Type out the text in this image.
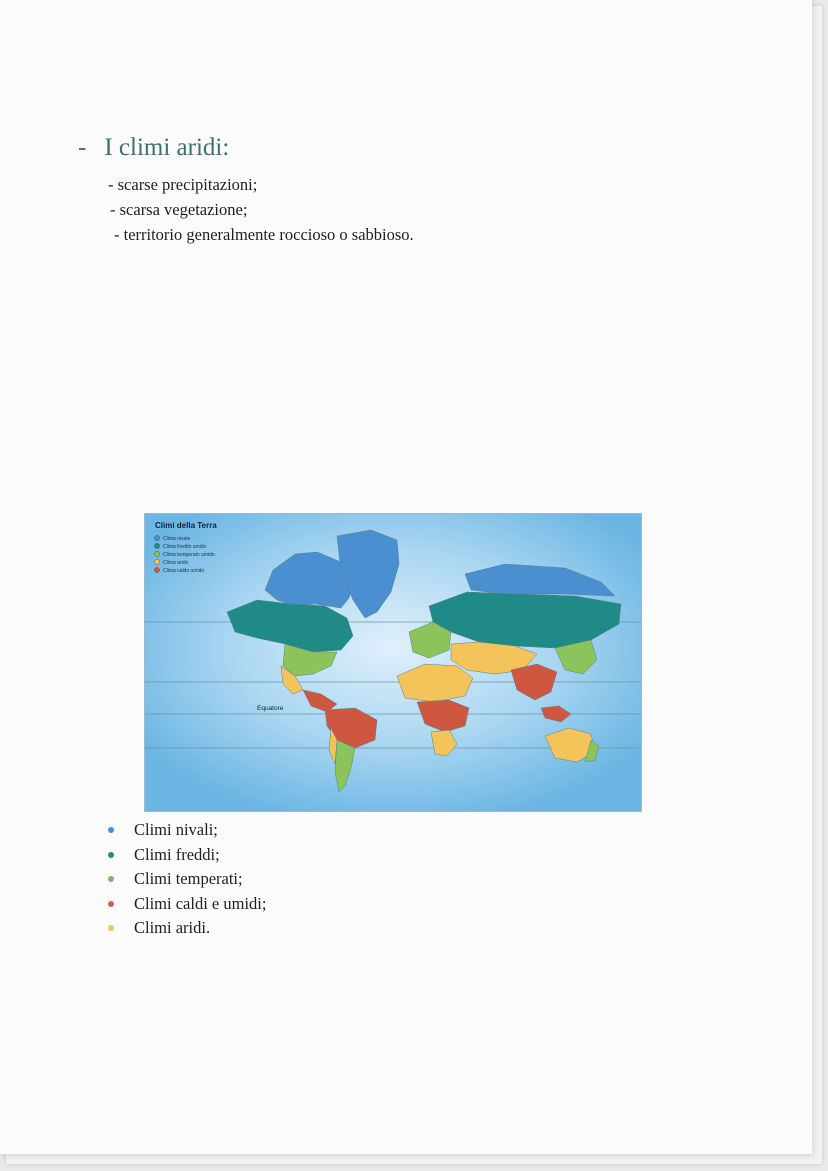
- I climi aridi:
- scarse precipitazioni;
- scarsa vegetazione;
- territorio generalmente roccioso o sabbioso.
Climi della Terra
Clima nivale
Clima freddo umido
Clima temperato umido
Clima arido
Clima caldo umido
Equatore
Climi nivali;
Climi freddi;
Climi temperati;
Climi caldi e umidi;
Climi aridi.
